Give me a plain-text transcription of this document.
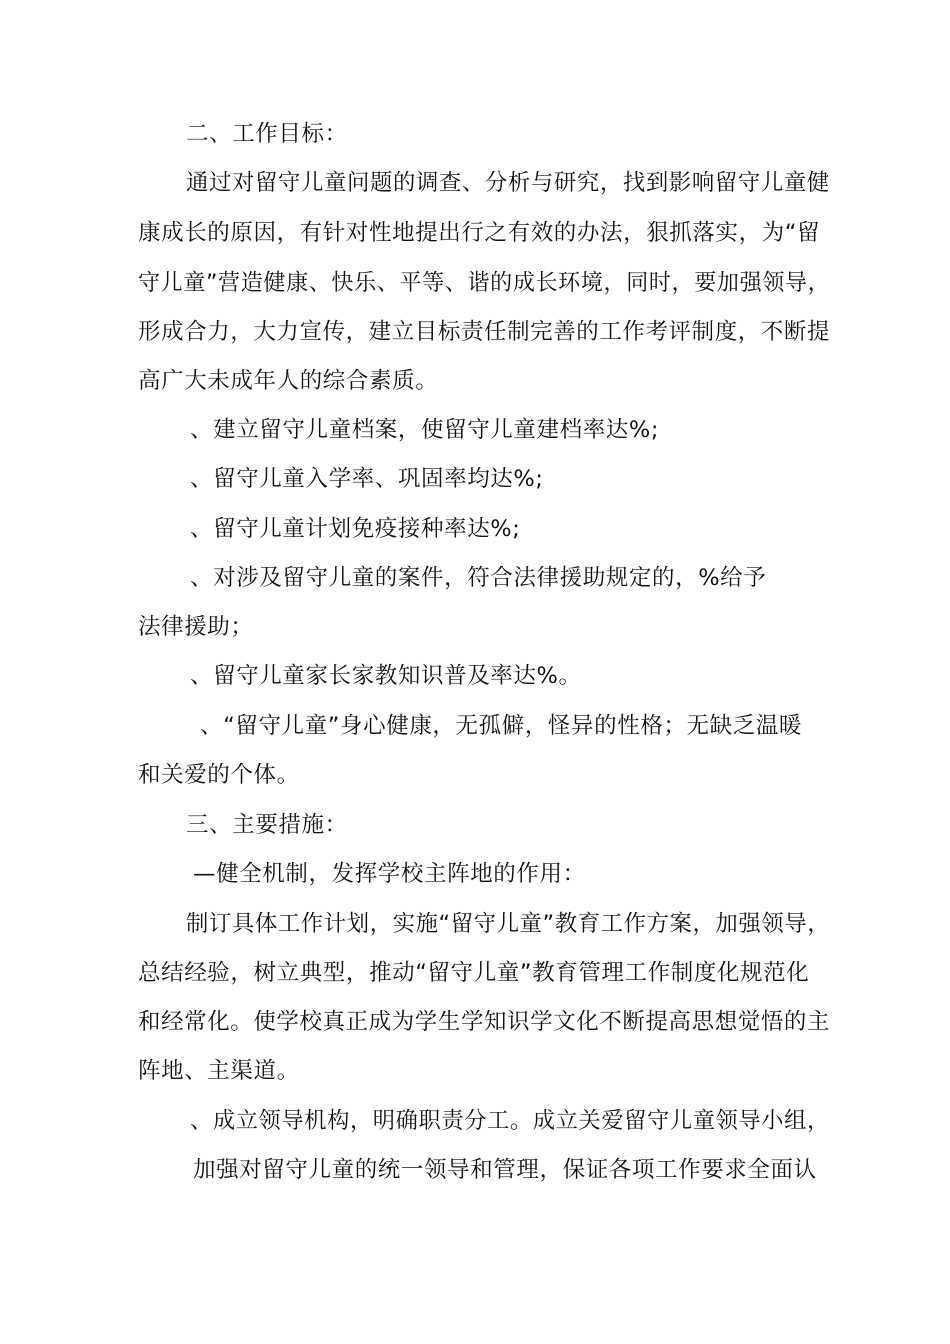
二、工作目标：
通过对留守儿童问题的调查、分析与研究，找到影响留守儿童健
康成长的原因，有针对性地提出行之有效的办法，狠抓落实，为“留
守儿童”营造健康、快乐、平等、谐的成长环境，同时，要加强领导，
形成合力，大力宣传，建立目标责任制完善的工作考评制度，不断提
高广大未成年人的综合素质。
、建立留守儿童档案，使留守儿童建档率达%;
、留守儿童入学率、巩固率均达%;
、留守儿童计划免疫接种率达%;
、对涉及留守儿童的案件，符合法律援助规定的，%给予
法律援助；
、留守儿童家长家教知识普及率达%。
、“留守儿童”身心健康，无孤僻，怪异的性格；无缺乏温暖
和关爱的个体。
三、主要措施：
—健全机制，发挥学校主阵地的作用：
制订具体工作计划，实施“留守儿童”教育工作方案，加强领导，
总结经验，树立典型，推动“留守儿童”教育管理工作制度化规范化
和经常化。使学校真正成为学生学知识学文化不断提高思想觉悟的主
阵地、主渠道。
、成立领导机构，明确职责分工。成立关爱留守儿童领导小组，
加强对留守儿童的统一领导和管理，保证各项工作要求全面认
